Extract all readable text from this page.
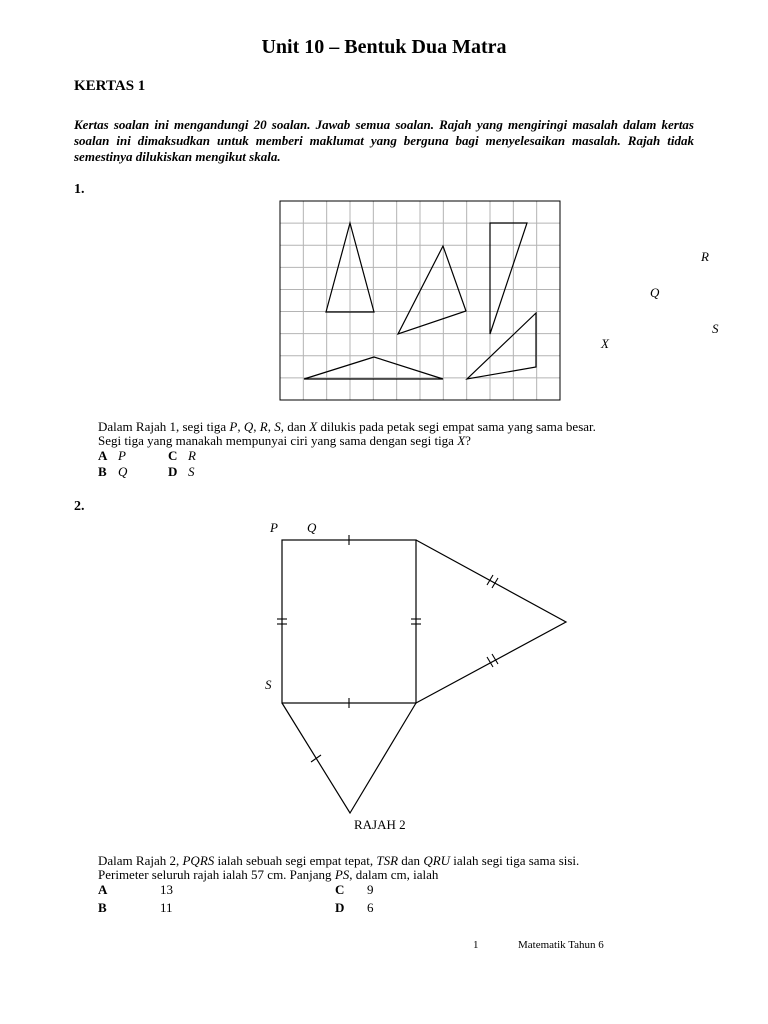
Unit 10 – Bentuk Dua Matra
KERTAS 1
Kertas soalan ini mengandungi 20 soalan. Jawab semua soalan. Rajah yang mengiringi masalah dalam kertas soalan ini dimaksudkan untuk memberi maklumat yang berguna bagi menyelesaikan masalah. Rajah tidak semestinya dilukiskan mengikut skala.
1.
R
Q
S
X
Dalam Rajah 1, segi tiga P, Q, R, S, dan X dilukis pada petak segi empat sama yang sama besar.
Segi tiga yang manakah mempunyai ciri yang sama dengan segi tiga X?
A P
B Q
C R
D S
2.
P Q
S
RAJAH 2
Dalam Rajah 2, PQRS ialah sebuah segi empat tepat, TSR dan QRU ialah segi tiga sama sisi.
Perimeter seluruh rajah ialah 57 cm. Panjang PS, dalam cm, ialah
A	13
B	11
C 9
D 6
1	Matematik Tahun 6
